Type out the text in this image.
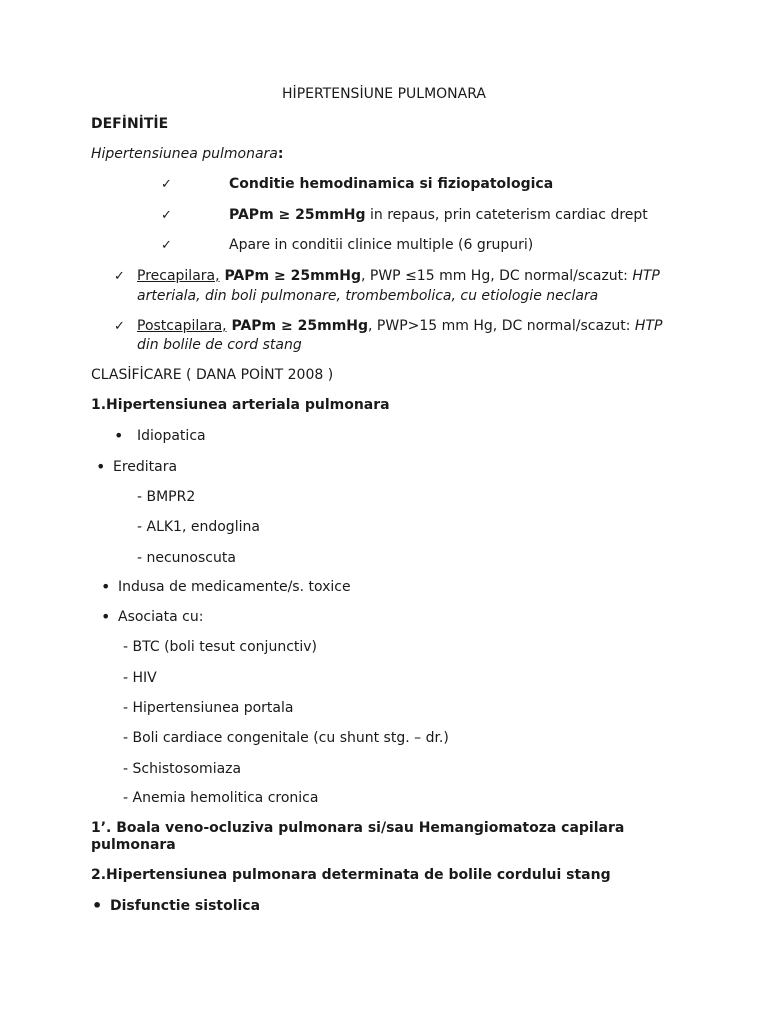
HİPERTENSİUNE PULMONARA
DEFİNİTİE
Hipertensiunea pulmonara:
✓	Conditie hemodinamica si fiziopatologica
✓	PAPm ≥ 25mmHg in repaus, prin cateterism cardiac drept
✓	Apare in conditii clinice multiple (6 grupuri)
✓ Precapilara, PAPm ≥ 25mmHg, PWP ≤15 mm Hg, DC normal/scazut: HTP
arteriala, din boli pulmonare, trombembolica, cu etiologie neclara
✓ Postcapilara, PAPm ≥ 25mmHg, PWP>15 mm Hg, DC normal/scazut: HTP
din bolile de cord stang
CLASİFİCARE ( DANA POİNT 2008 )
1.Hipertensiunea arteriala pulmonara
• Idiopatica
• Ereditara
- BMPR2
- ALK1, endoglina
- necunoscuta
• Indusa de medicamente/s. toxice
• Asociata cu:
- BTC (boli tesut conjunctiv)
- HIV
- Hipertensiunea portala
- Boli cardiace congenitale (cu shunt stg. – dr.)
- Schistosomiaza
- Anemia hemolitica cronica
1’. Boala veno-ocluziva pulmonara si/sau Hemangiomatoza capilara
pulmonara
2.Hipertensiunea pulmonara determinata de bolile cordului stang
• Disfunctie sistolica
